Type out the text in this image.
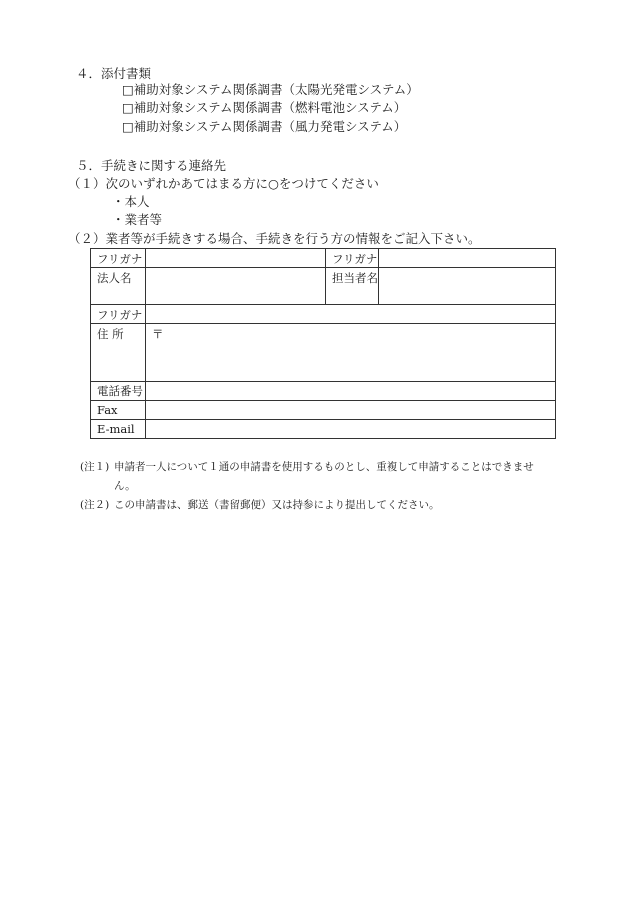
４．添付書類
□補助対象システム関係調書（太陽光発電システム）
□補助対象システム関係調書（燃料電池システム）
□補助対象システム関係調書（風力発電システム）
５．手続きに関する連絡先
（１）次のいずれかあてはまる方に○をつけてください
・本人
・業者等
（２）業者等が手続きする場合、手続きを行う方の情報をご記入下さい。
フリガナ		フリガナ	
法人名		担当者名	
フリガナ			
住 所	〒		
電話番号			
Fax			
E-mail			
(注１) 申請者一人について１通の申請書を使用するものとし、重複して申請することはできませ
ん。
(注２) この申請書は、郵送（書留郵便）又は持参により提出してください。
